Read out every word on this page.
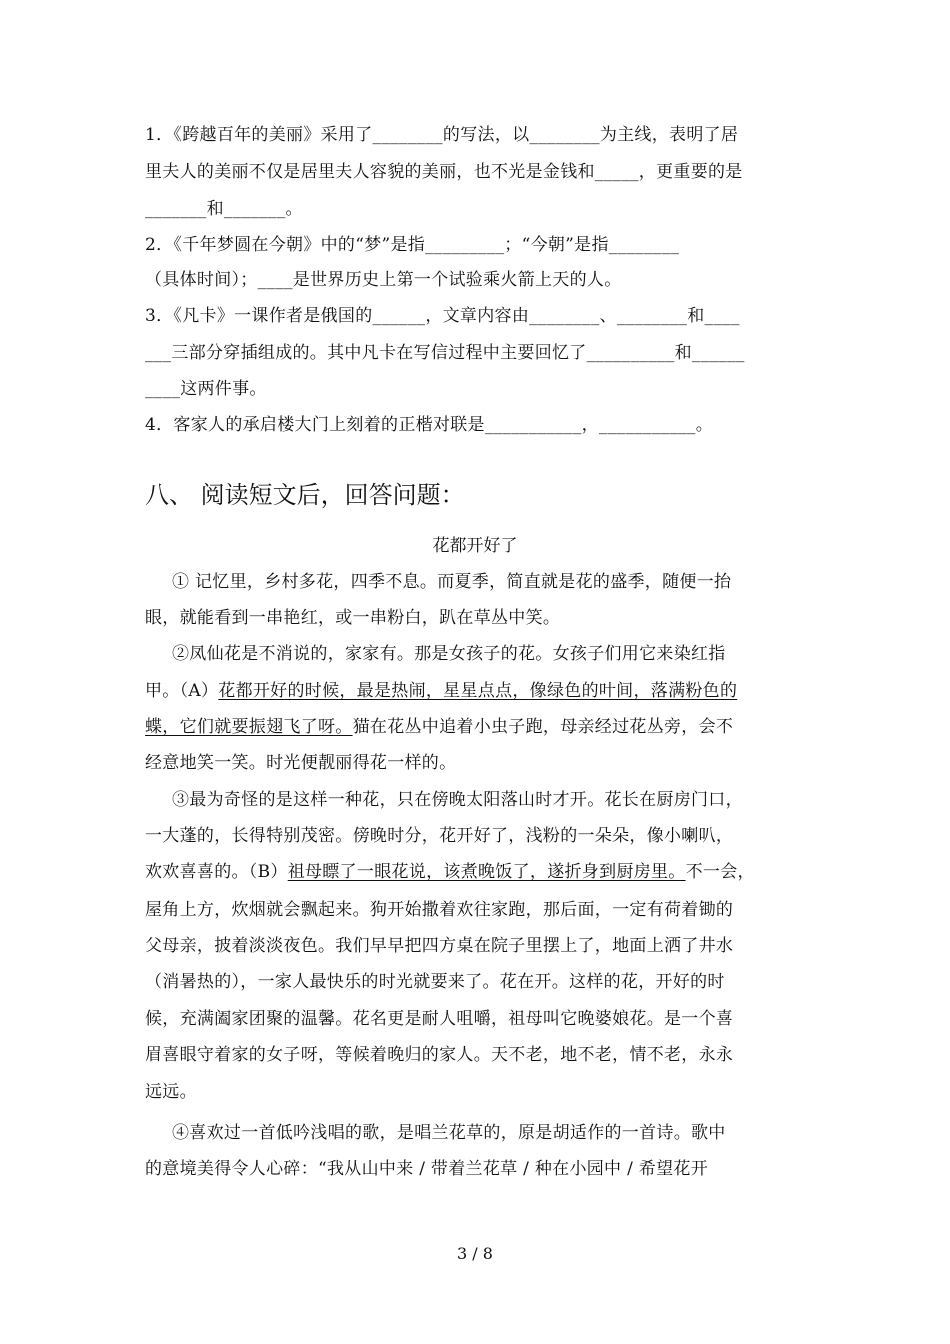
1．《跨越百年的美丽》采用了________的写法，以________为主线，表明了居
里夫人的美丽不仅是居里夫人容貌的美丽，也不光是金钱和_____，更重要的是
_______和_______。
2．《千年梦圆在今朝》中的“梦”是指_________；“今朝”是指________
（具体时间）；____是世界历史上第一个试验乘火箭上天的人。
3．《凡卡》一课作者是俄国的______，文章内容由________、________和____
___三部分穿插组成的。其中凡卡在写信过程中主要回忆了__________和______
____这两件事。
4．客家人的承启楼大门上刻着的正楷对联是___________，___________。
八、 阅读短文后，回答问题：
花都开好了
① 记忆里，乡村多花，四季不息。而夏季，简直就是花的盛季，随便一抬
眼，就能看到一串艳红，或一串粉白，趴在草丛中笑。
②凤仙花是不消说的，家家有。那是女孩子的花。女孩子们用它来染红指
甲。（A）花都开好的时候，最是热闹，星星点点，像绿色的叶间，落满粉色的
蝶，它们就要振翅飞了呀。猫在花丛中追着小虫子跑，母亲经过花丛旁，会不
经意地笑一笑。时光便靓丽得花一样的。
③最为奇怪的是这样一种花，只在傍晚太阳落山时才开。花长在厨房门口，
一大蓬的，长得特别茂密。傍晚时分，花开好了，浅粉的一朵朵，像小喇叭，
欢欢喜喜的。（B）祖母瞟了一眼花说，该煮晚饭了，遂折身到厨房里。不一会，
屋角上方，炊烟就会飘起来。狗开始撒着欢往家跑，那后面，一定有荷着锄的
父母亲，披着淡淡夜色。我们早早把四方桌在院子里摆上了，地面上洒了井水
（消暑热的），一家人最快乐的时光就要来了。花在开。这样的花，开好的时
候，充满阖家团聚的温馨。花名更是耐人咀嚼，祖母叫它晚婆娘花。是一个喜
眉喜眼守着家的女子呀，等候着晚归的家人。天不老，地不老，情不老，永永
远远。
④喜欢过一首低吟浅唱的歌，是唱兰花草的，原是胡适作的一首诗。歌中
的意境美得令人心碎：“我从山中来 / 带着兰花草 / 种在小园中 / 希望花开
3 / 8
